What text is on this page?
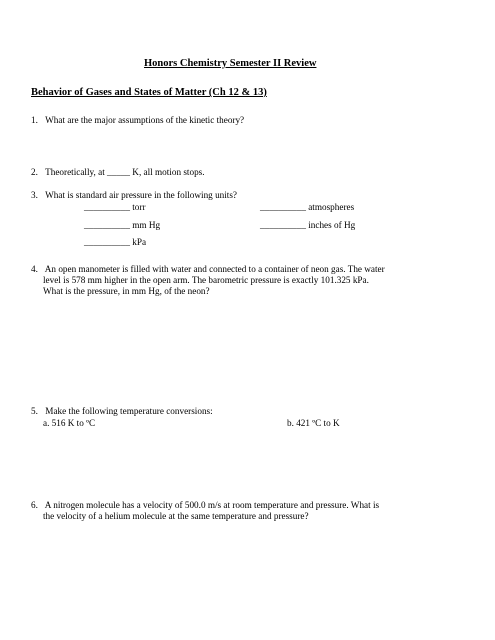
Honors Chemistry Semester II Review
Behavior of Gases and States of Matter (Ch 12 & 13)
1. What are the major assumptions of the kinetic theory?
2. Theoretically, at _____ K, all motion stops.
3. What is standard air pressure in the following units?
__________ torr	__________ atmospheres
__________ mm Hg	__________ inches of Hg
__________ kPa
4. An open manometer is filled with water and connected to a container of neon gas. The water
level is 578 mm higher in the open arm. The barometric pressure is exactly 101.325 kPa.
What is the pressure, in mm Hg, of the neon?
5. Make the following temperature conversions:
a. 516 K to ºC	b. 421 ºC to K
6. A nitrogen molecule has a velocity of 500.0 m/s at room temperature and pressure. What is
the velocity of a helium molecule at the same temperature and pressure?
